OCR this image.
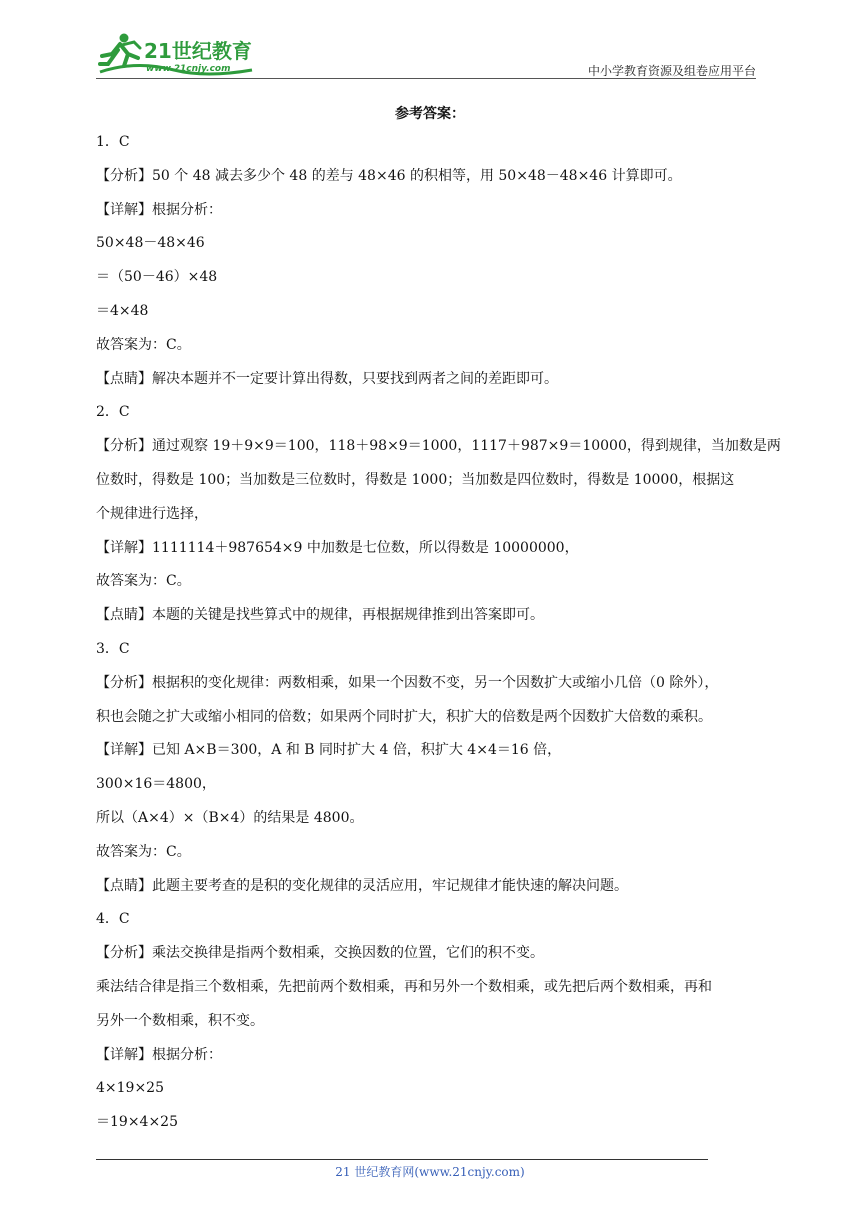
21世纪教育
www.21cnjy.com	中小学教育资源及组卷应用平台
参考答案：
1．C
【分析】50 个 48 减去多少个 48 的差与 48×46 的积相等，用 50×48－48×46 计算即可。
【详解】根据分析：
50×48－48×46
＝（50－46）×48
＝4×48
故答案为：C。
【点睛】解决本题并不一定要计算出得数，只要找到两者之间的差距即可。
2．C
【分析】通过观察 19＋9×9＝100，118＋98×9＝1000，1117＋987×9＝10000，得到规律，当加数是两
位数时，得数是 100；当加数是三位数时，得数是 1000；当加数是四位数时，得数是 10000，根据这
个规律进行选择，
【详解】1111114＋987654×9 中加数是七位数，所以得数是 10000000，
故答案为：C。
【点睛】本题的关键是找些算式中的规律，再根据规律推到出答案即可。
3．C
【分析】根据积的变化规律：两数相乘，如果一个因数不变，另一个因数扩大或缩小几倍（0 除外），
积也会随之扩大或缩小相同的倍数；如果两个同时扩大，积扩大的倍数是两个因数扩大倍数的乘积。
【详解】已知 A×B＝300，A 和 B 同时扩大 4 倍，积扩大 4×4＝16 倍，
300×16＝4800，
所以（A×4）×（B×4）的结果是 4800。
故答案为：C。
【点睛】此题主要考查的是积的变化规律的灵活应用，牢记规律才能快速的解决问题。
4．C
【分析】乘法交换律是指两个数相乘，交换因数的位置，它们的积不变。
乘法结合律是指三个数相乘，先把前两个数相乘，再和另外一个数相乘，或先把后两个数相乘，再和
另外一个数相乘，积不变。
【详解】根据分析：
4×19×25
＝19×4×25
21 世纪教育网(www.21cnjy.com)
